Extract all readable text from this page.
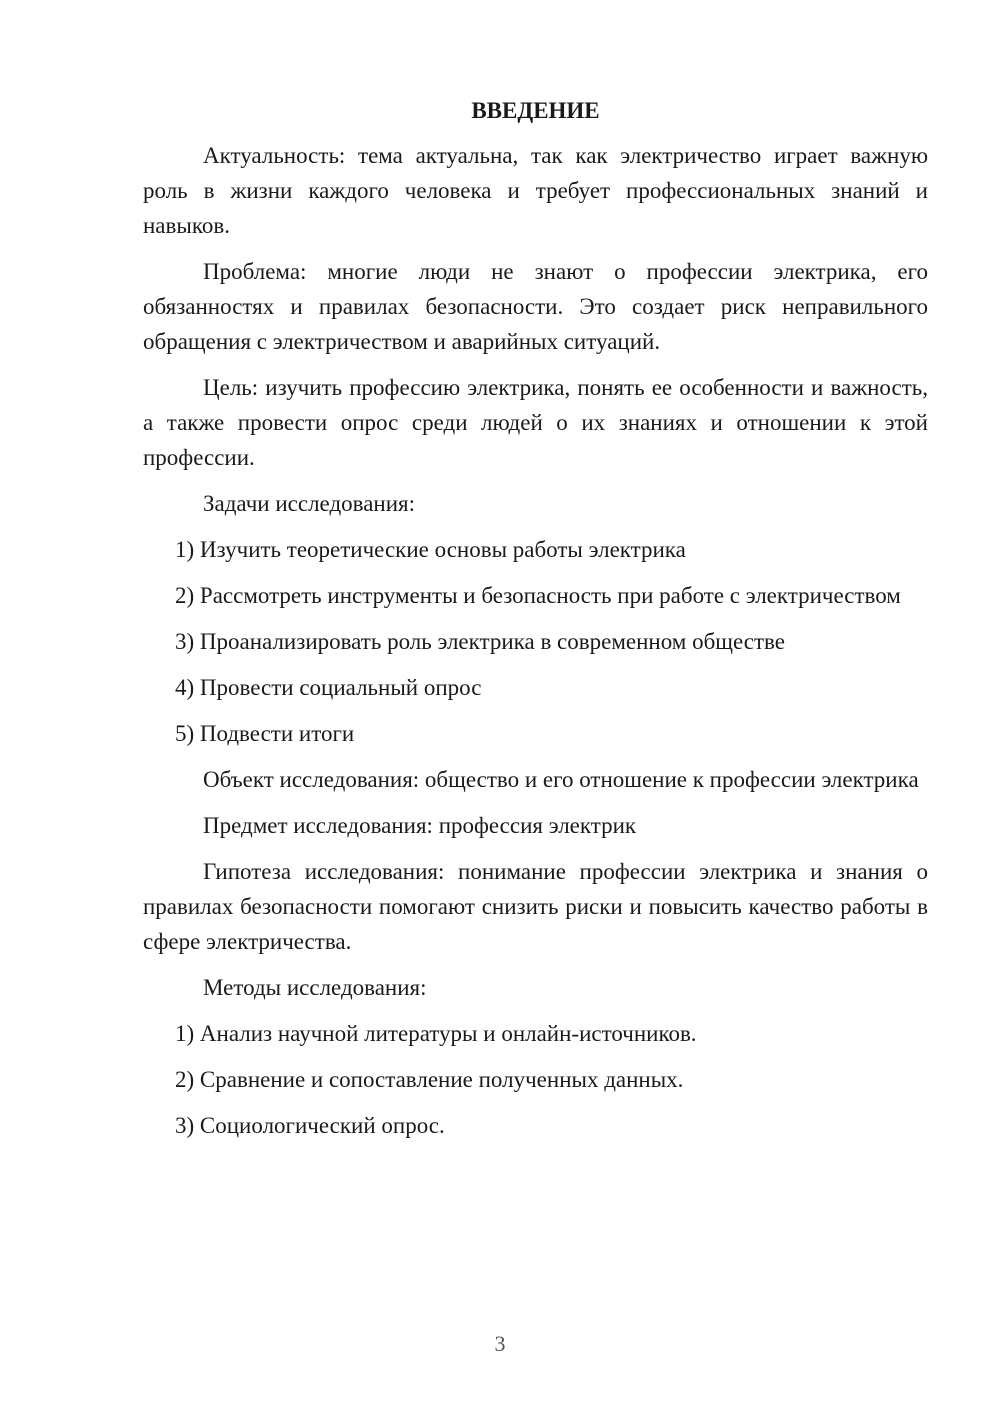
ВВЕДЕНИЕ

Актуальность: тема актуальна, так как электричество играет важную роль в жизни каждого человека и требует профессиональных знаний и навыков.

Проблема: многие люди не знают о профессии электрика, его обязанностях и правилах безопасности. Это создает риск неправильного обращения с электричеством и аварийных ситуаций.

Цель: изучить профессию электрика, понять ее особенности и важность, а также провести опрос среди людей о их знаниях и отношении к этой профессии.

Задачи исследования:

1) Изучить теоретические основы работы электрика

2) Рассмотреть инструменты и безопасность при работе с электричеством

3) Проанализировать роль электрика в современном обществе

4) Провести социальный опрос

5) Подвести итоги

Объект исследования: общество и его отношение к профессии электрика

Предмет исследования: профессия электрик

Гипотеза исследования: понимание профессии электрика и знания о правилах безопасности помогают снизить риски и повысить качество работы в сфере электричества.

Методы исследования:

1) Анализ научной литературы и онлайн-источников.

2) Сравнение и сопоставление полученных данных.

3) Социологический опрос.

3
